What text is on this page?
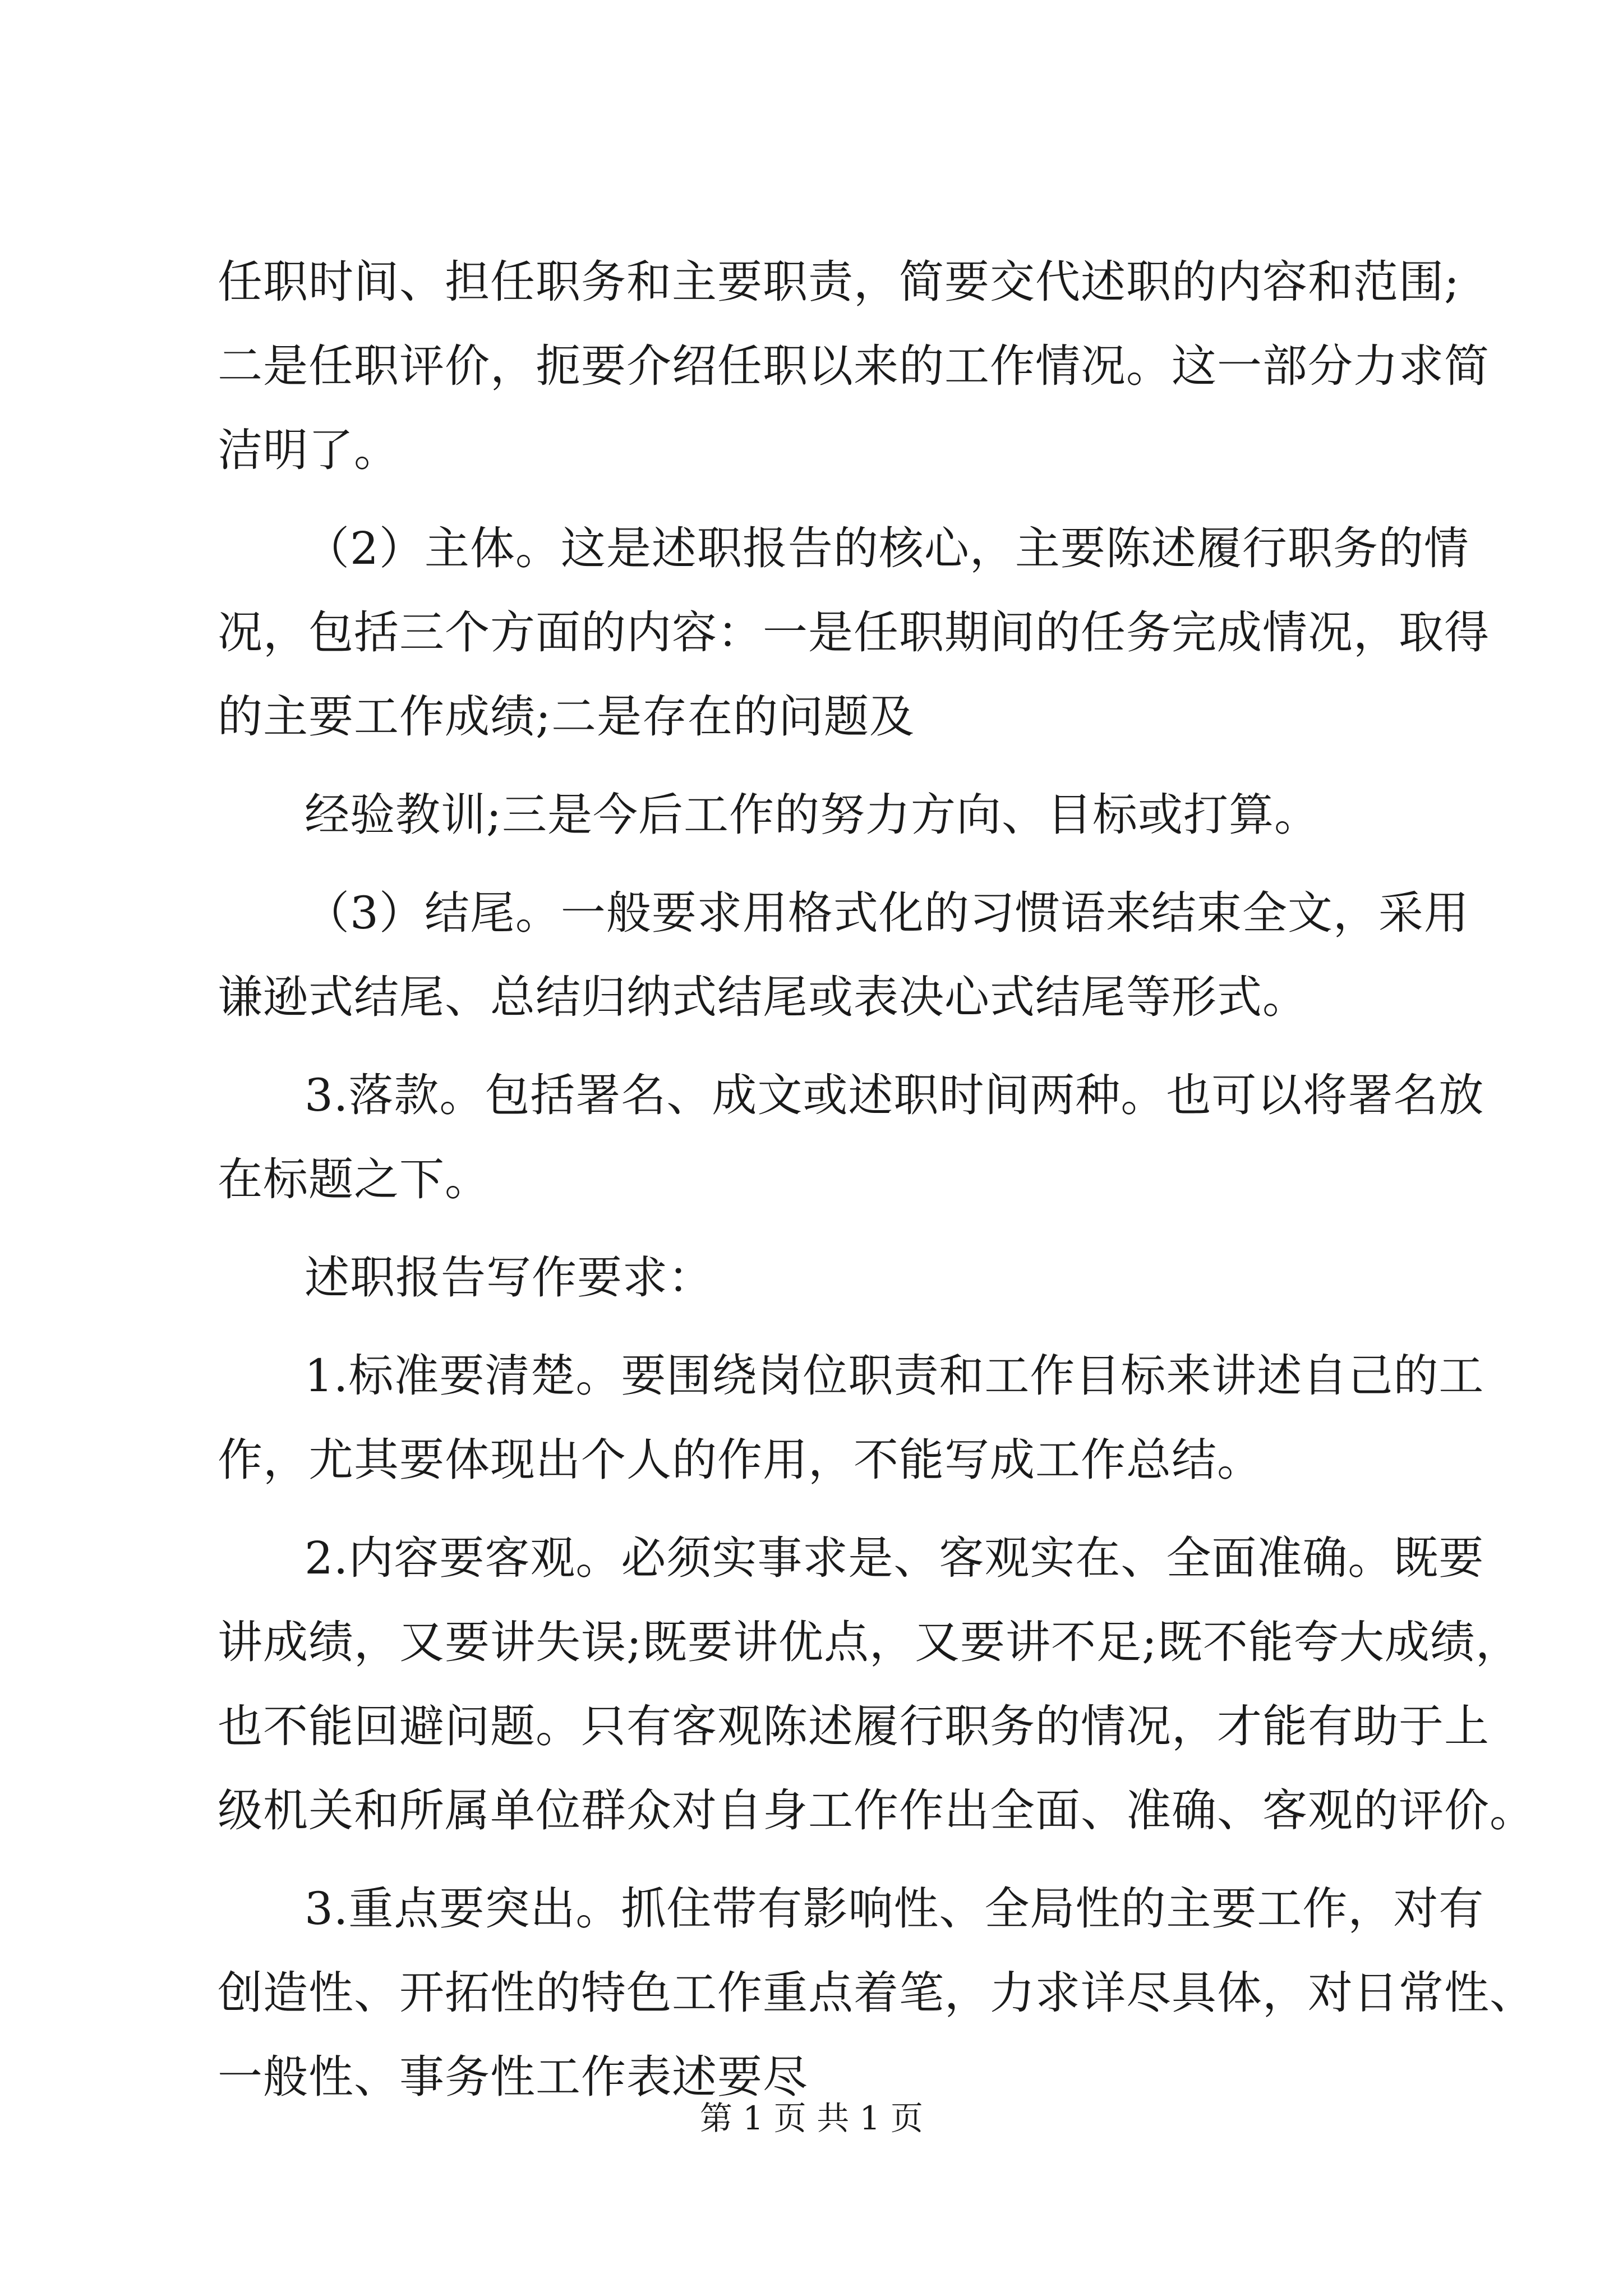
任职时间、担任职务和主要职责，简要交代述职的内容和范围;
二是任职评价，扼要介绍任职以来的工作情况。这一部分力求简
洁明了。
（2）主体。这是述职报告的核心，主要陈述履行职务的情
况，包括三个方面的内容：一是任职期间的任务完成情况，取得
的主要工作成绩;二是存在的问题及
经验教训;三是今后工作的努力方向、目标或打算。
（3）结尾。一般要求用格式化的习惯语来结束全文，采用
谦逊式结尾、总结归纳式结尾或表决心式结尾等形式。
3.落款。包括署名、成文或述职时间两种。也可以将署名放
在标题之下。
述职报告写作要求：
1.标准要清楚。要围绕岗位职责和工作目标来讲述自己的工
作，尤其要体现出个人的作用，不能写成工作总结。
2.内容要客观。必须实事求是、客观实在、全面准确。既要
讲成绩，又要讲失误;既要讲优点，又要讲不足;既不能夸大成绩，
也不能回避问题。只有客观陈述履行职务的情况，才能有助于上
级机关和所属单位群众对自身工作作出全面、准确、客观的评价。
3.重点要突出。抓住带有影响性、全局性的主要工作，对有
创造性、开拓性的特色工作重点着笔，力求详尽具体，对日常性、
一般性、事务性工作表述要尽
第 1 页 共 1 页
